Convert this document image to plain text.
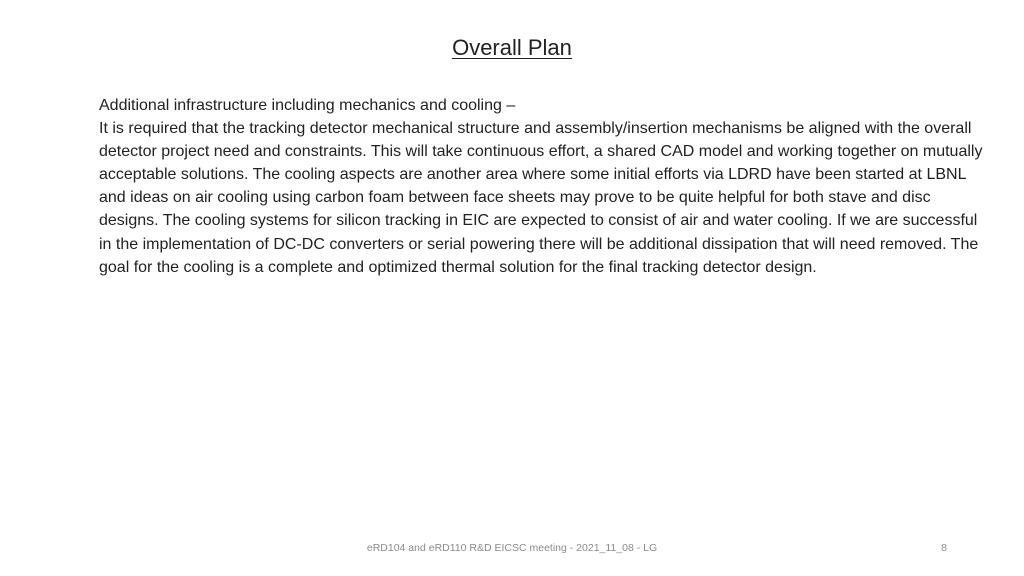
Overall Plan

Additional infrastructure including mechanics and cooling –

It is required that the tracking detector mechanical structure and assembly/insertion mechanisms be aligned with the overall detector project need and constraints. This will take continuous effort, a shared CAD model and working together on mutually acceptable solutions. The cooling aspects are another area where some initial efforts via LDRD have been started at LBNL and ideas on air cooling using carbon foam between face sheets may prove to be quite helpful for both stave and disc designs. The cooling systems for silicon tracking in EIC are expected to consist of air and water cooling. If we are successful in the implementation of DC-DC converters or serial powering there will be additional dissipation that will need removed. The goal for the cooling is a complete and optimized thermal solution for the final tracking detector design.

eRD104 and eRD110 R&D EICSC meeting - 2021_11_08 - LG	8
